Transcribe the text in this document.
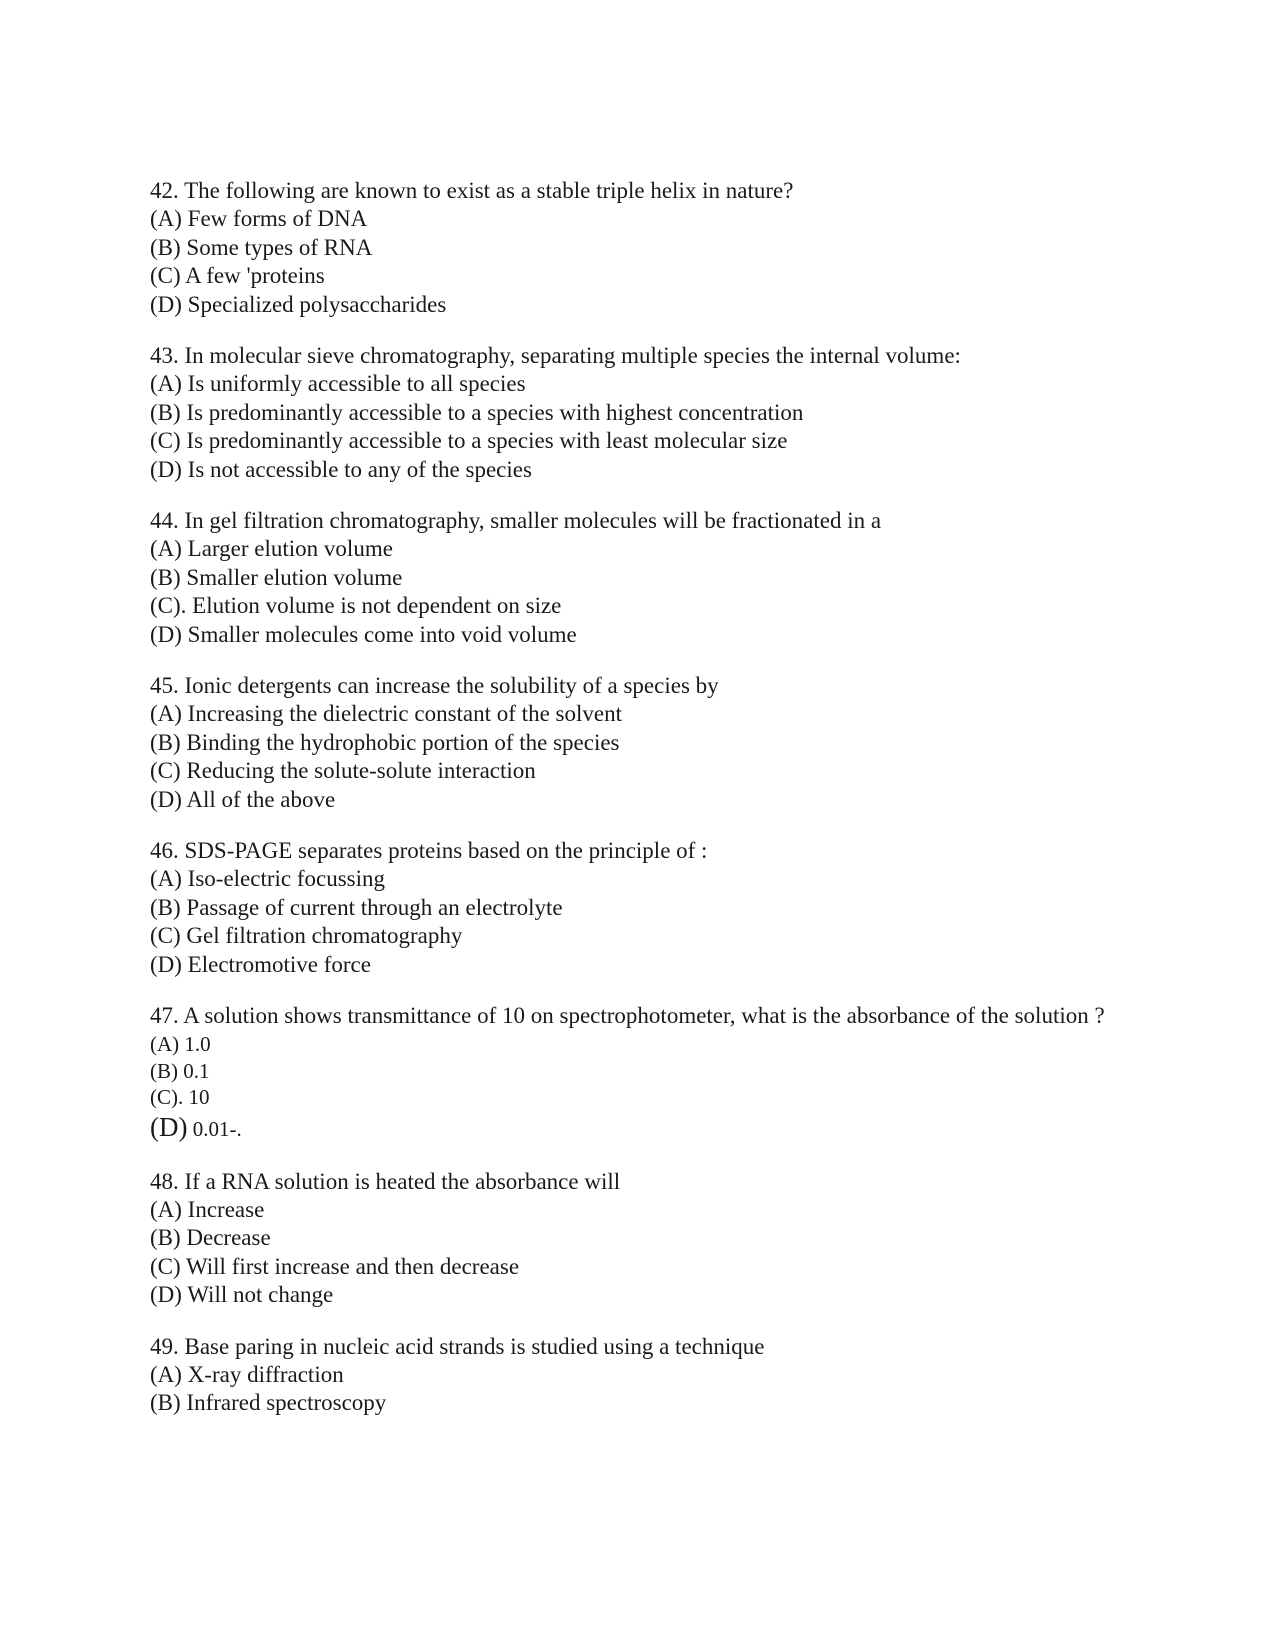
42. The following are known to exist as a stable triple helix in nature?

(A) Few forms of DNA

(B) Some types of RNA

(C) A few 'proteins

(D) Specialized polysaccharides

43. In molecular sieve chromatography, separating multiple species the internal volume:

(A) Is uniformly accessible to all species

(B) Is predominantly accessible to a species with highest concentration

(C) Is predominantly accessible to a species with least molecular size

(D) Is not accessible to any of the species

44. In gel filtration chromatography, smaller molecules will be fractionated in a

(A) Larger elution volume

(B) Smaller elution volume

(C). Elution volume is not dependent on size

(D) Smaller molecules come into void volume

45. Ionic detergents can increase the solubility of a species by

(A) Increasing the dielectric constant of the solvent

(B) Binding the hydrophobic portion of the species

(C) Reducing the solute-solute interaction

(D) All of the above

46. SDS-PAGE separates proteins based on the principle of :

(A) Iso-electric focussing

(B) Passage of current through an electrolyte

(C) Gel filtration chromatography

(D) Electromotive force

47. A solution shows transmittance of 10 on spectrophotometer, what is the absorbance of the solution ?

(A) 1.0

(B) 0.1

(C). 10

(D) 0.01-.

48. If a RNA solution is heated the absorbance will

(A) Increase

(B) Decrease

(C) Will first increase and then decrease

(D) Will not change

49. Base paring in nucleic acid strands is studied using a technique

(A) X-ray diffraction

(B) Infrared spectroscopy
